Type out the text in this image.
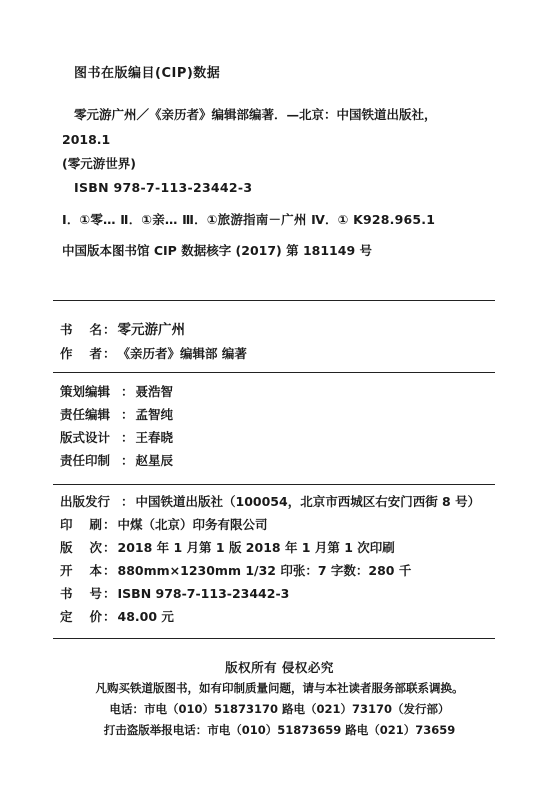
图书在版编目(CIP)数据
零元游广州／《亲历者》编辑部编著．—北京：中国铁道出版社，
2018.1
(零元游世界)
ISBN 978-7-113-23442-3
Ⅰ．①零… Ⅱ．①亲… Ⅲ．①旅游指南－广州 Ⅳ．① K928.965.1
中国版本图书馆 CIP 数据核字 (2017) 第 181149 号
书 名 ： 零元游广州
作 者 ： 《亲历者》编辑部 编著
策划编辑 ： 聂浩智
责任编辑 ： 孟智纯
版式设计 ： 王春晓
责任印制 ： 赵星辰
出版发行 ： 中国铁道出版社（100054，北京市西城区右安门西街 8 号）
印 刷 ： 中煤（北京）印务有限公司
版 次 ： 2018 年 1 月第 1 版 2018 年 1 月第 1 次印刷
开 本 ： 880mm×1230mm 1/32 印张：7 字数：280 千
书 号 ： ISBN 978-7-113-23442-3
定 价 ： 48.00 元
版权所有 侵权必究
凡购买铁道版图书，如有印制质量问题，请与本社读者服务部联系调换。
电话：市电（010）51873170 路电（021）73170（发行部）
打击盗版举报电话：市电（010）51873659 路电（021）73659
